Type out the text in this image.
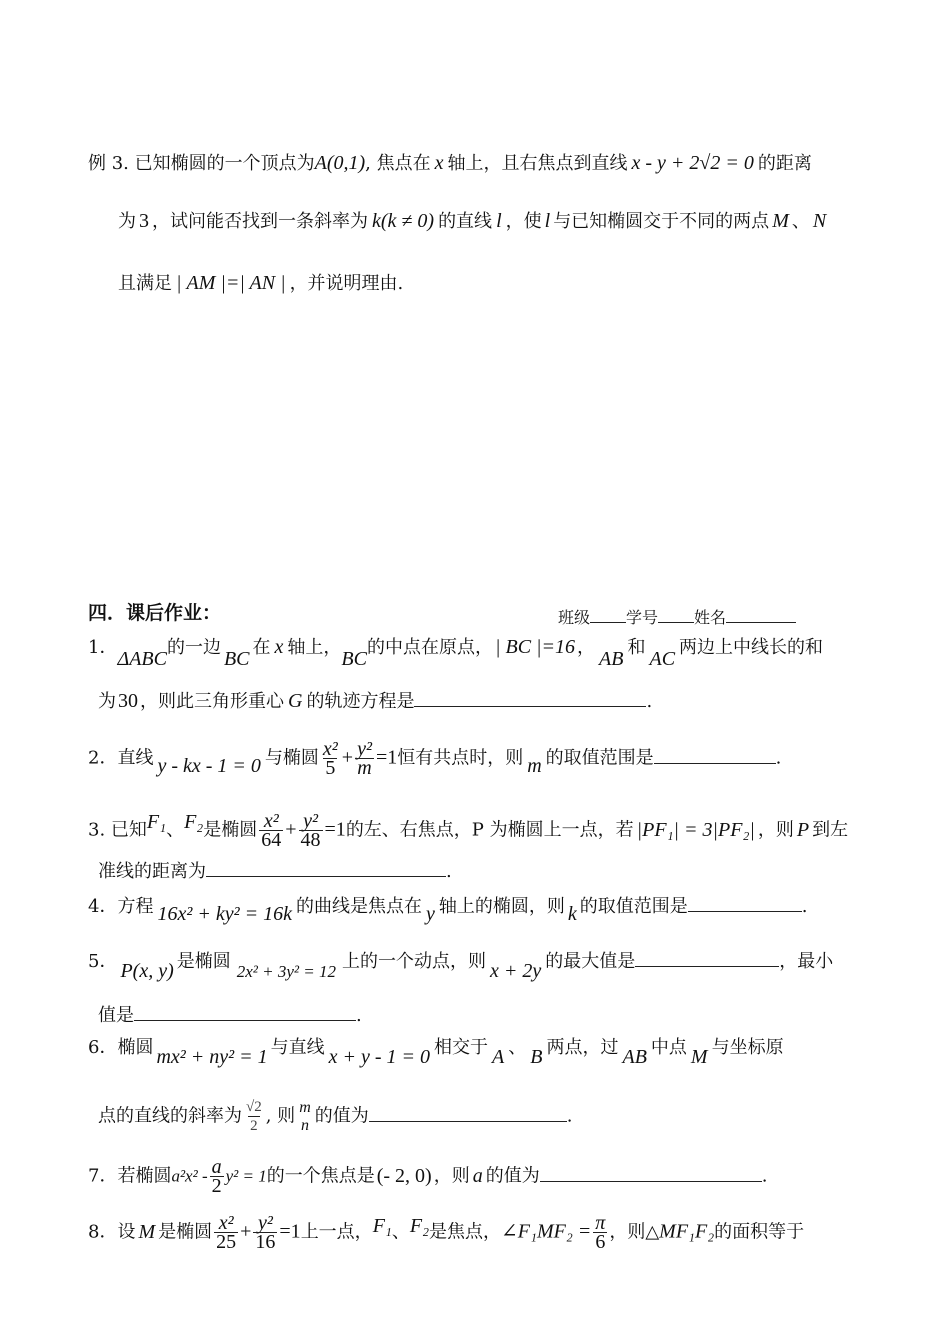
例 3. 已知椭圆的一个顶点为A(0,1), 焦点在 x 轴上，且右焦点到直线 x - y + 2√2 = 0 的距离
为 3 ，试问能否找到一条斜率为 k(k ≠ 0) 的直线 l ，使 l 与已知椭圆交于不同的两点 M 、 N
且满足 | AM |=| AN | ，并说明理由.
四．课后作业：	班级 学号 姓名
1．ΔABC的一边BC在 x 轴上，BC的中点在原点， | BC |=16 ，AB和AC两边上中线长的和
为 30 ，则此三角形重心 G 的轨迹方程是	.
2．直线 y - kx - 1 = 0 与椭圆 $\frac{\text{x²}}{5} + \frac{\text{y²}}{m} =1$恒有共点时，则 m 的取值范围是	.
3. 已知F₁、F₂是椭圆 $\frac{\text{x²}}{64} + \frac{\text{y²}}{48} =1$的左、右焦点，P 为椭圆上一点，若 |PF₁| = 3|PF₂| ，则 P 到左
准线的距离为	.
4．方程 16x² + ky² = 16k 的曲线是焦点在 y 轴上的椭圆，则 k 的取值范围是	.
5． P(x, y) 是椭圆 2x² + 3y² = 12 上的一个动点，则 x + 2y 的最大值是	，最小
值是	.
6．椭圆 mx² + ny² = 1 与直线 x + y - 1 = 0 相交于 A 、 B 两点，过 AB 中点 M 与坐标原
点的直线的斜率为 $\frac{√2}{2}$ , 则 m
n 的值为	.
7．若椭圆$a^2x^2 - \frac{a}{2} y^2 = 1$的一个焦点是 (- 2, 0) ，则 a 的值为	.
8．设 M 是椭圆 $\frac{\text{x²}}{25} + \frac{\text{y²}}{16} =1$上一点，F₁、F₂是焦点，∠F₁MF₂ = $\frac{\pi}{6}$ ，则△MF₁F₂的面积等于
